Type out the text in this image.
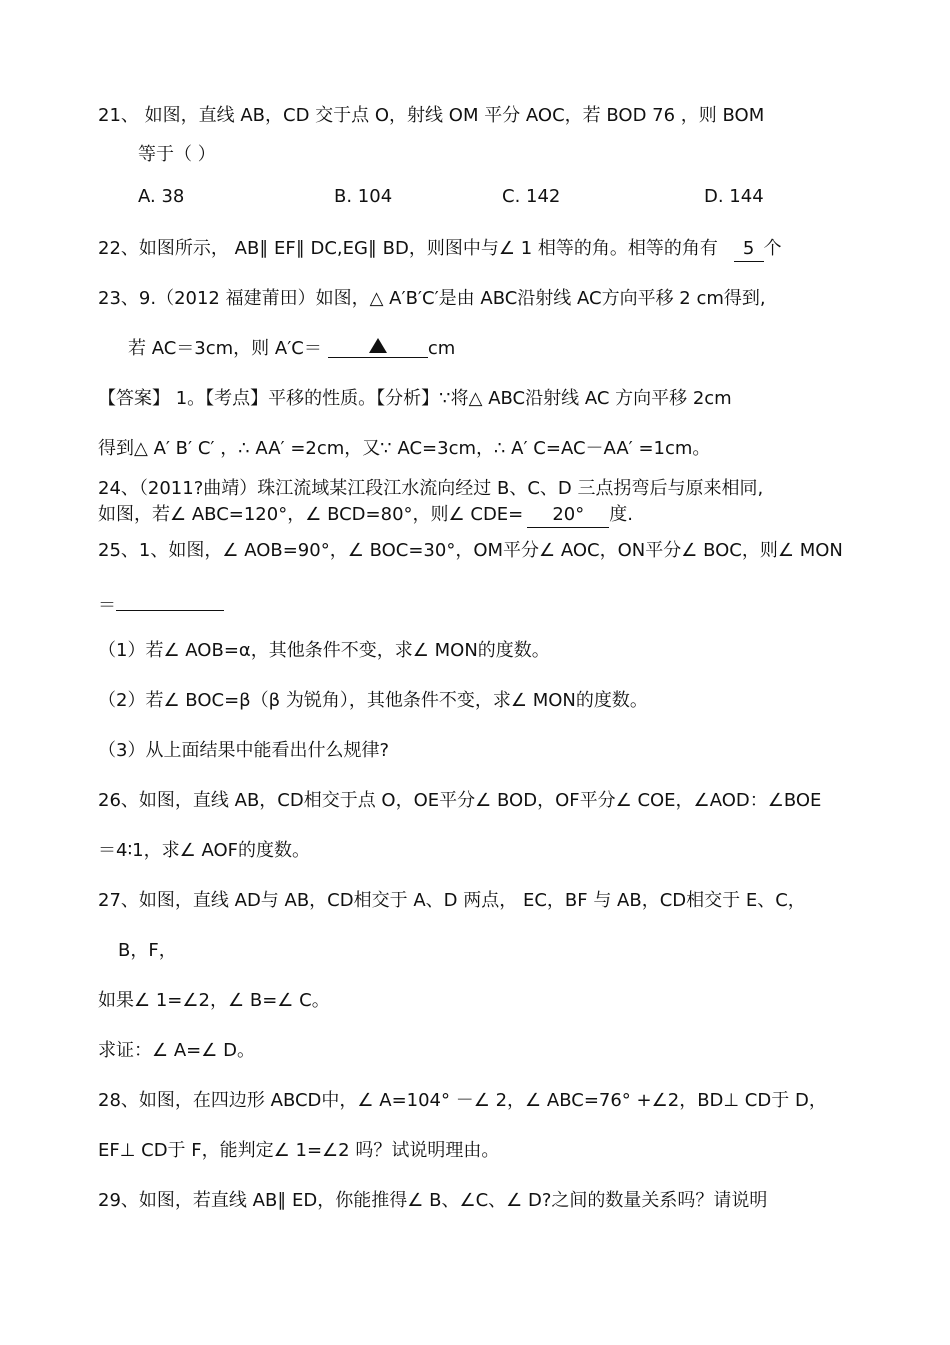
21、 如图，直线 AB，CD 交于点 O，射线 OM 平分 AOC，若 BOD 76 ，则 BOM
等于（ ）
A. 38	B. 104	C. 142	D. 144
22、如图所示， AB∥ EF∥ DC,EG∥ BD，则图中与∠ 1 相等的角。相等的角有 5 个
23、9.（2012 福建莆田）如图，△ A′B′C′是由 ABC沿射线 AC方向平移 2 cm得到,
若 AC＝3cm，则 A′C＝	cm
【答案】 1。【考点】平移的性质。【分析】∵将△ ABC沿射线 AC 方向平移 2cm
得到△ A′ B′ C′ ，∴ AA′ =2cm，又∵ AC=3cm，∴ A′ C=AC－AA′ =1cm。
24、（2011?曲靖）珠江流域某江段江水流向经过 B、C、D 三点拐弯后与原来相同,
如图，若∠ ABC=120°，∠ BCD=80°，则∠ CDE= 20° 度.
25、1、如图，∠ AOB=90°，∠ BOC=30°，OM平分∠ AOC，ON平分∠ BOC，则∠ MON
＝
（1）若∠ AOB=α，其他条件不变，求∠ MON的度数。
（2）若∠ BOC=β（β 为锐角），其他条件不变，求∠ MON的度数。
（3）从上面结果中能看出什么规律?
26、如图，直线 AB，CD相交于点 O，OE平分∠ BOD，OF平分∠ COE，∠AOD：∠BOE
＝4∶1，求∠ AOF的度数。
27、如图，直线 AD与 AB，CD相交于 A、D 两点， EC，BF 与 AB，CD相交于 E、C，
B，F，
如果∠ 1=∠2，∠ B=∠ C。
求证：∠ A=∠ D。
28、如图，在四边形 ABCD中，∠ A=104° －∠ 2，∠ ABC=76° +∠2，BD⊥ CD于 D，
EF⊥ CD于 F，能判定∠ 1=∠2 吗？试说明理由。
29、如图，若直线 AB∥ ED，你能推得∠ B、∠C、∠ D?之间的数量关系吗？请说明
